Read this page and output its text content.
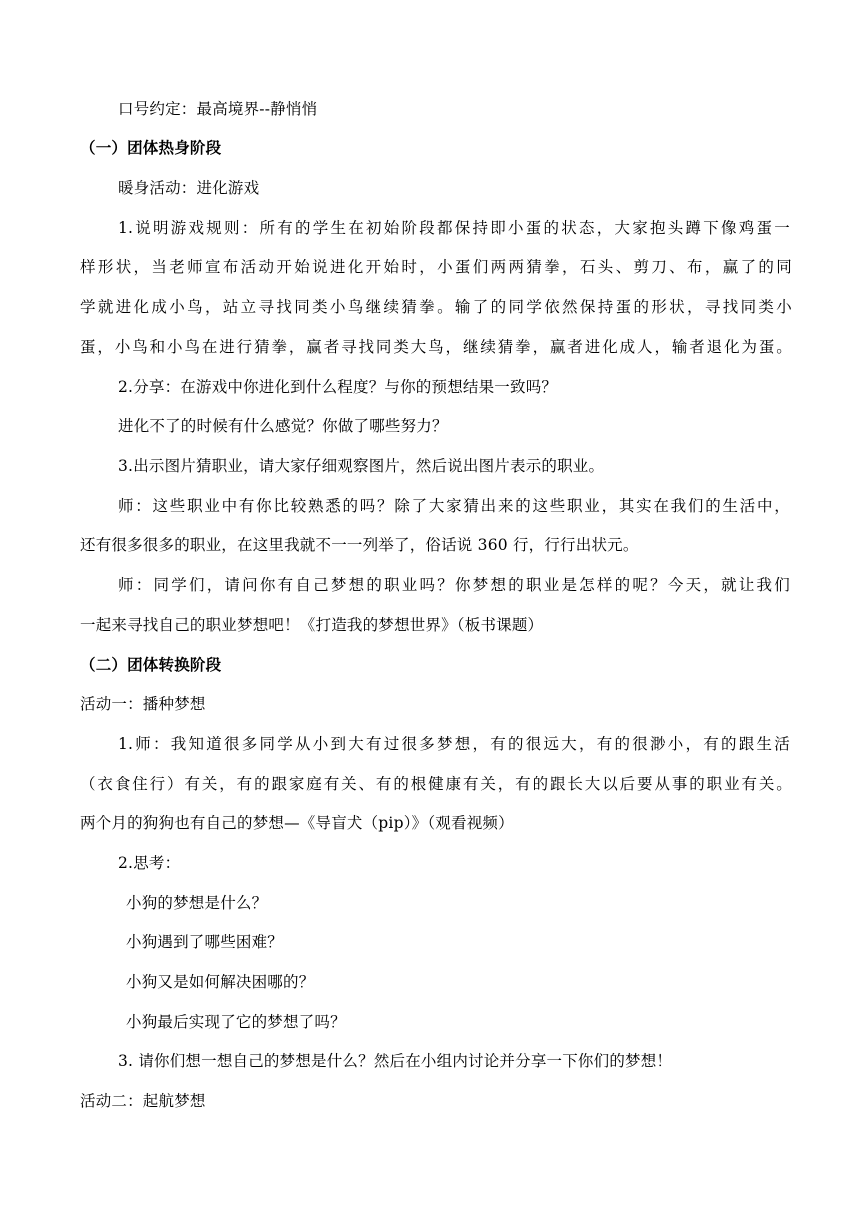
口号约定：最高境界--静悄悄
（一）团体热身阶段
暖身活动：进化游戏
1.说明游戏规则：所有的学生在初始阶段都保持即小蛋的状态，大家抱头蹲下像鸡蛋一
样形状，当老师宣布活动开始说进化开始时，小蛋们两两猜拳，石头、剪刀、布，赢了的同
学就进化成小鸟，站立寻找同类小鸟继续猜拳。输了的同学依然保持蛋的形状，寻找同类小
蛋，小鸟和小鸟在进行猜拳，赢者寻找同类大鸟，继续猜拳，赢者进化成人，输者退化为蛋。
2.分享：在游戏中你进化到什么程度？与你的预想结果一致吗？
进化不了的时候有什么感觉？你做了哪些努力？
3.出示图片猜职业，请大家仔细观察图片，然后说出图片表示的职业。
师：这些职业中有你比较熟悉的吗？除了大家猜出来的这些职业，其实在我们的生活中，
还有很多很多的职业，在这里我就不一一列举了，俗话说 360 行，行行出状元。
师：同学们，请问你有自己梦想的职业吗？你梦想的职业是怎样的呢？今天，就让我们
一起来寻找自己的职业梦想吧！《打造我的梦想世界》（板书课题）
（二）团体转换阶段
活动一：播种梦想
1.师：我知道很多同学从小到大有过很多梦想，有的很远大，有的很渺小，有的跟生活
（衣食住行）有关，有的跟家庭有关、有的根健康有关，有的跟长大以后要从事的职业有关。
两个月的狗狗也有自己的梦想—《导盲犬（pip）》（观看视频）
2.思考：
小狗的梦想是什么？
小狗遇到了哪些困难？
小狗又是如何解决困哪的？
小狗最后实现了它的梦想了吗？
3. 请你们想一想自己的梦想是什么？然后在小组内讨论并分享一下你们的梦想！
活动二：起航梦想
